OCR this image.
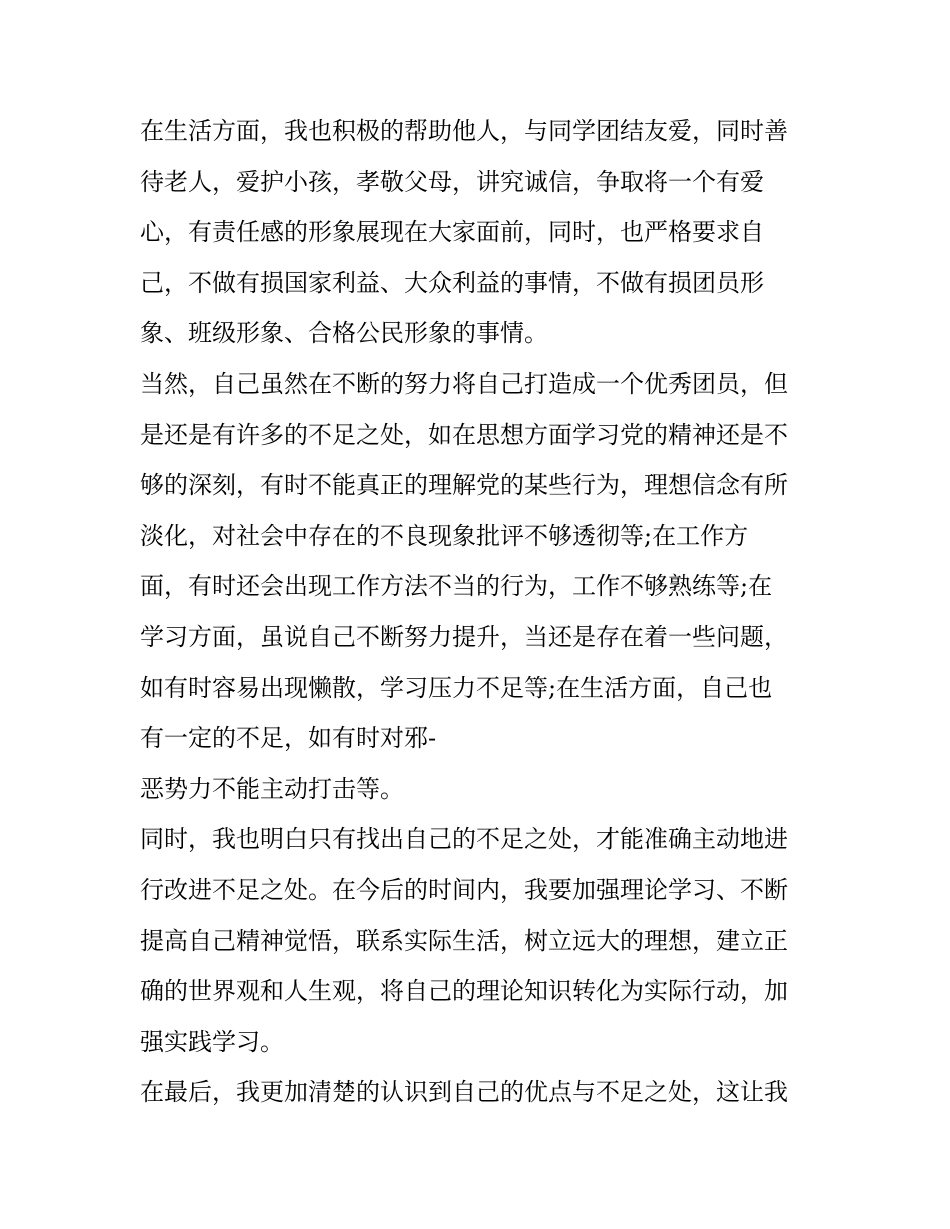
在生活方面，我也积极的帮助他人，与同学团结友爱，同时善
待老人，爱护小孩，孝敬父母，讲究诚信，争取将一个有爱
心，有责任感的形象展现在大家面前，同时，也严格要求自
己，不做有损国家利益、大众利益的事情，不做有损团员形
象、班级形象、合格公民形象的事情。
当然，自己虽然在不断的努力将自己打造成一个优秀团员，但
是还是有许多的不足之处，如在思想方面学习党的精神还是不
够的深刻，有时不能真正的理解党的某些行为，理想信念有所
淡化，对社会中存在的不良现象批评不够透彻等;在工作方
面，有时还会出现工作方法不当的行为，工作不够熟练等;在
学习方面，虽说自己不断努力提升，当还是存在着一些问题，
如有时容易出现懒散，学习压力不足等;在生活方面，自己也
有一定的不足，如有时对邪-
恶势力不能主动打击等。
同时，我也明白只有找出自己的不足之处，才能准确主动地进
行改进不足之处。在今后的时间内，我要加强理论学习、不断
提高自己精神觉悟，联系实际生活，树立远大的理想，建立正
确的世界观和人生观，将自己的理论知识转化为实际行动，加
强实践学习。
在最后，我更加清楚的认识到自己的优点与不足之处，这让我
